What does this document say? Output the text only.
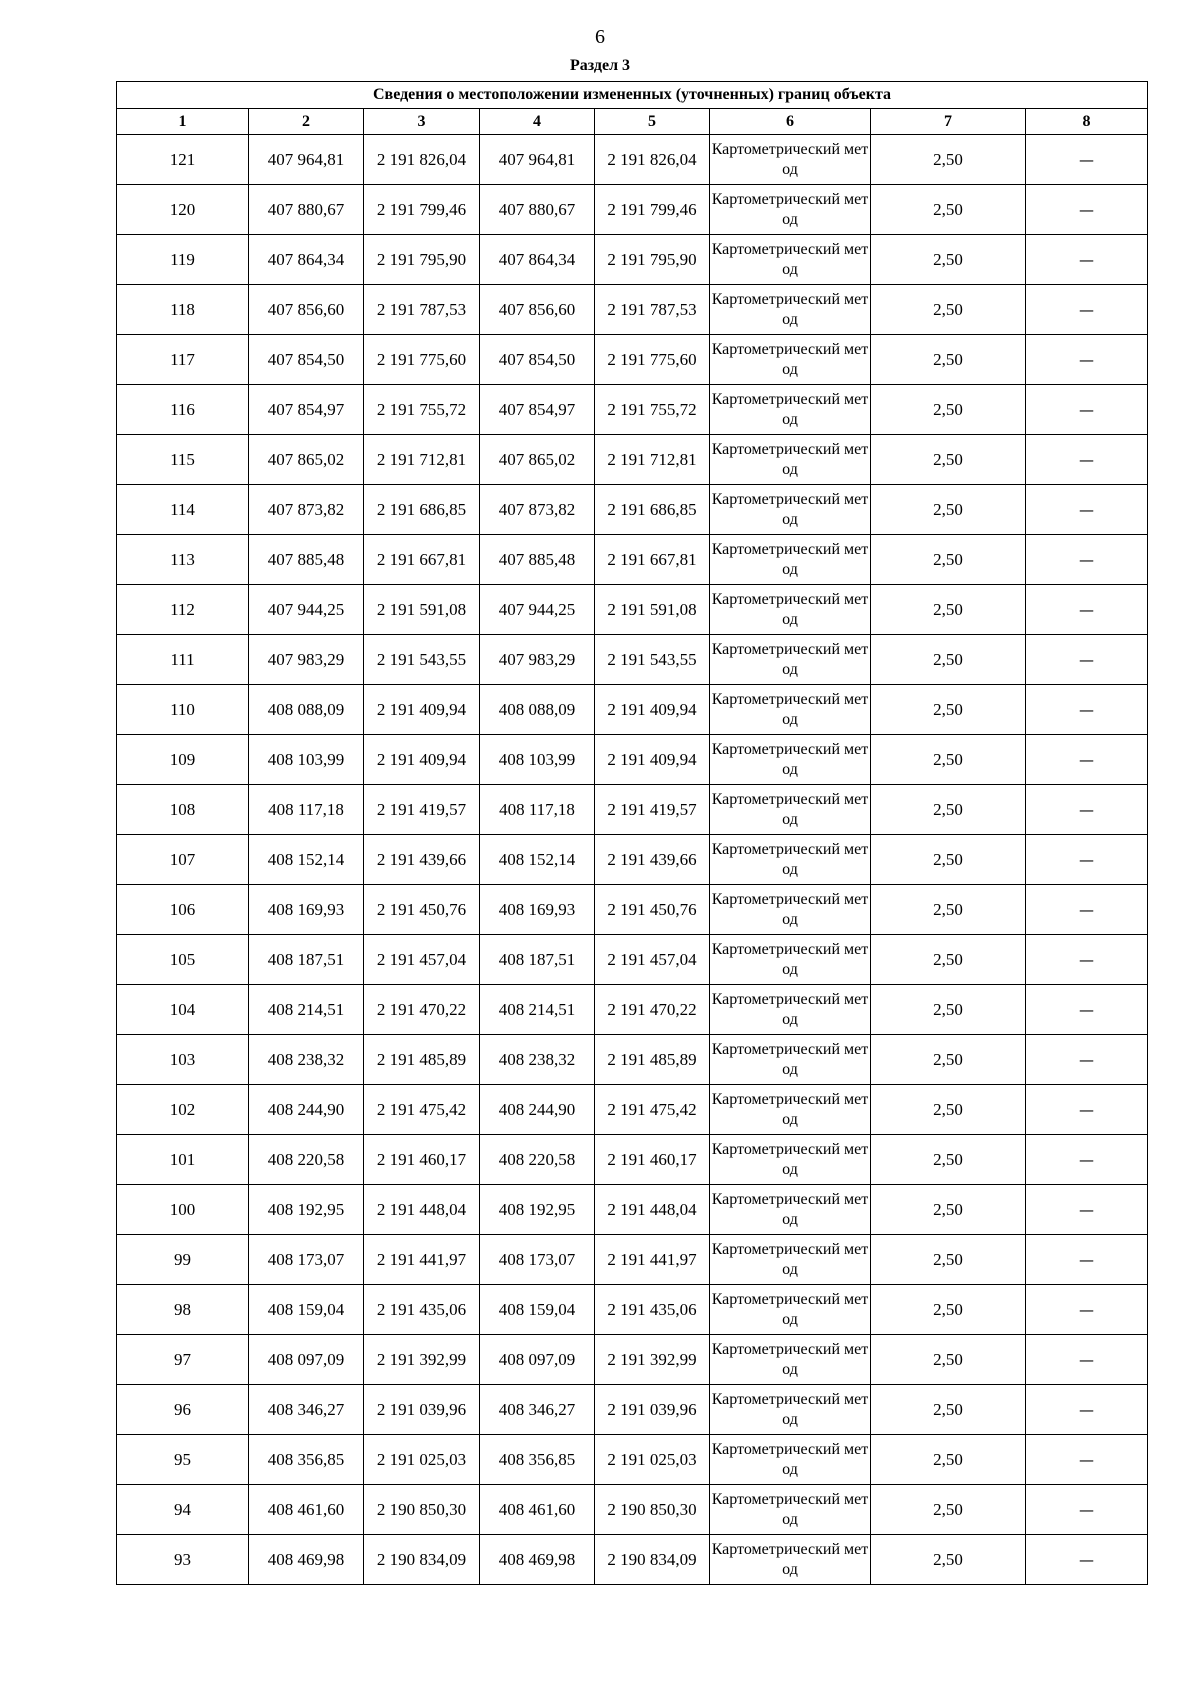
6
Раздел 3
Сведения о местоположении измененных (уточненных) границ объекта							
1	2	3	4	5	6	7	8
121	407 964,81	2 191 826,04	407 964,81	2 191 826,04	Картометрический метод	2,50	—
120	407 880,67	2 191 799,46	407 880,67	2 191 799,46	Картометрический метод	2,50	—
119	407 864,34	2 191 795,90	407 864,34	2 191 795,90	Картометрический метод	2,50	—
118	407 856,60	2 191 787,53	407 856,60	2 191 787,53	Картометрический метод	2,50	—
117	407 854,50	2 191 775,60	407 854,50	2 191 775,60	Картометрический метод	2,50	—
116	407 854,97	2 191 755,72	407 854,97	2 191 755,72	Картометрический метод	2,50	—
115	407 865,02	2 191 712,81	407 865,02	2 191 712,81	Картометрический метод	2,50	—
114	407 873,82	2 191 686,85	407 873,82	2 191 686,85	Картометрический метод	2,50	—
113	407 885,48	2 191 667,81	407 885,48	2 191 667,81	Картометрический метод	2,50	—
112	407 944,25	2 191 591,08	407 944,25	2 191 591,08	Картометрический метод	2,50	—
111	407 983,29	2 191 543,55	407 983,29	2 191 543,55	Картометрический метод	2,50	—
110	408 088,09	2 191 409,94	408 088,09	2 191 409,94	Картометрический метод	2,50	—
109	408 103,99	2 191 409,94	408 103,99	2 191 409,94	Картометрический метод	2,50	—
108	408 117,18	2 191 419,57	408 117,18	2 191 419,57	Картометрический метод	2,50	—
107	408 152,14	2 191 439,66	408 152,14	2 191 439,66	Картометрический метод	2,50	—
106	408 169,93	2 191 450,76	408 169,93	2 191 450,76	Картометрический метод	2,50	—
105	408 187,51	2 191 457,04	408 187,51	2 191 457,04	Картометрический метод	2,50	—
104	408 214,51	2 191 470,22	408 214,51	2 191 470,22	Картометрический метод	2,50	—
103	408 238,32	2 191 485,89	408 238,32	2 191 485,89	Картометрический метод	2,50	—
102	408 244,90	2 191 475,42	408 244,90	2 191 475,42	Картометрический метод	2,50	—
101	408 220,58	2 191 460,17	408 220,58	2 191 460,17	Картометрический метод	2,50	—
100	408 192,95	2 191 448,04	408 192,95	2 191 448,04	Картометрический метод	2,50	—
99	408 173,07	2 191 441,97	408 173,07	2 191 441,97	Картометрический метод	2,50	—
98	408 159,04	2 191 435,06	408 159,04	2 191 435,06	Картометрический метод	2,50	—
97	408 097,09	2 191 392,99	408 097,09	2 191 392,99	Картометрический метод	2,50	—
96	408 346,27	2 191 039,96	408 346,27	2 191 039,96	Картометрический метод	2,50	—
95	408 356,85	2 191 025,03	408 356,85	2 191 025,03	Картометрический метод	2,50	—
94	408 461,60	2 190 850,30	408 461,60	2 190 850,30	Картометрический метод	2,50	—
93	408 469,98	2 190 834,09	408 469,98	2 190 834,09	Картометрический метод	2,50	—
